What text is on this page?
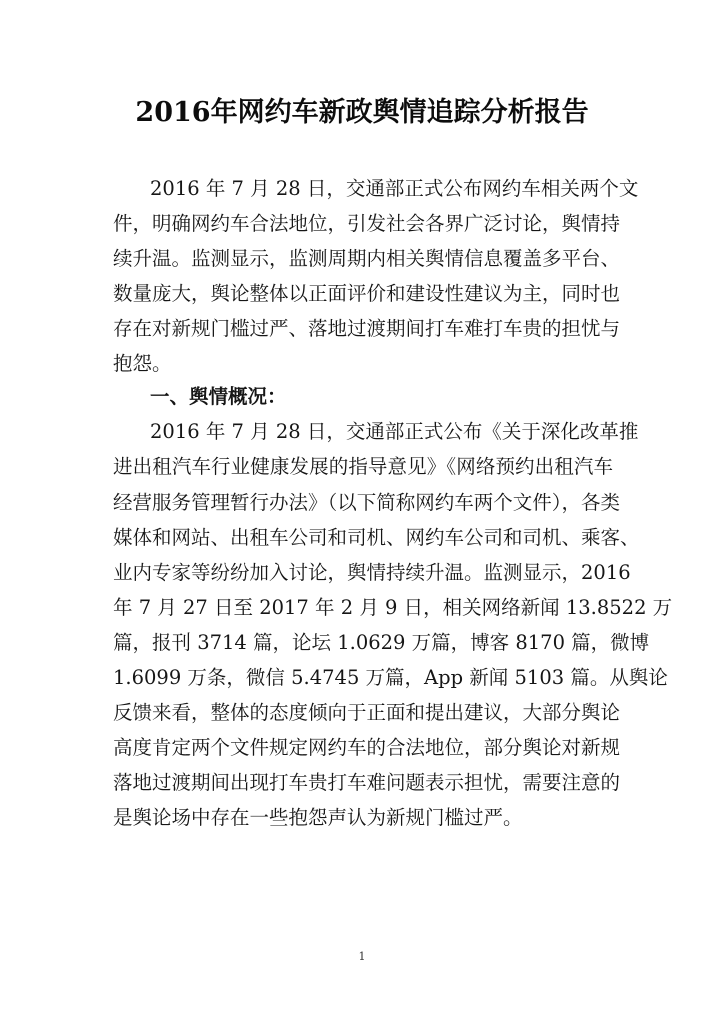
2016年网约车新政舆情追踪分析报告
2016 年 7 月 28 日，交通部正式公布网约车相关两个文
件，明确网约车合法地位，引发社会各界广泛讨论，舆情持
续升温。监测显示，监测周期内相关舆情信息覆盖多平台、
数量庞大，舆论整体以正面评价和建设性建议为主，同时也
存在对新规门槛过严、落地过渡期间打车难打车贵的担忧与
抱怨。
一、舆情概况：
2016 年 7 月 28 日，交通部正式公布《关于深化改革推
进出租汽车行业健康发展的指导意见》《网络预约出租汽车
经营服务管理暂行办法》（以下简称网约车两个文件），各类
媒体和网站、出租车公司和司机、网约车公司和司机、乘客、
业内专家等纷纷加入讨论，舆情持续升温。监测显示，2016
年 7 月 27 日至 2017 年 2 月 9 日，相关网络新闻 13.8522 万
篇，报刊 3714 篇，论坛 1.0629 万篇，博客 8170 篇，微博
1.6099 万条，微信 5.4745 万篇，App 新闻 5103 篇。从舆论
反馈来看，整体的态度倾向于正面和提出建议，大部分舆论
高度肯定两个文件规定网约车的合法地位，部分舆论对新规
落地过渡期间出现打车贵打车难问题表示担忧，需要注意的
是舆论场中存在一些抱怨声认为新规门槛过严。
1
